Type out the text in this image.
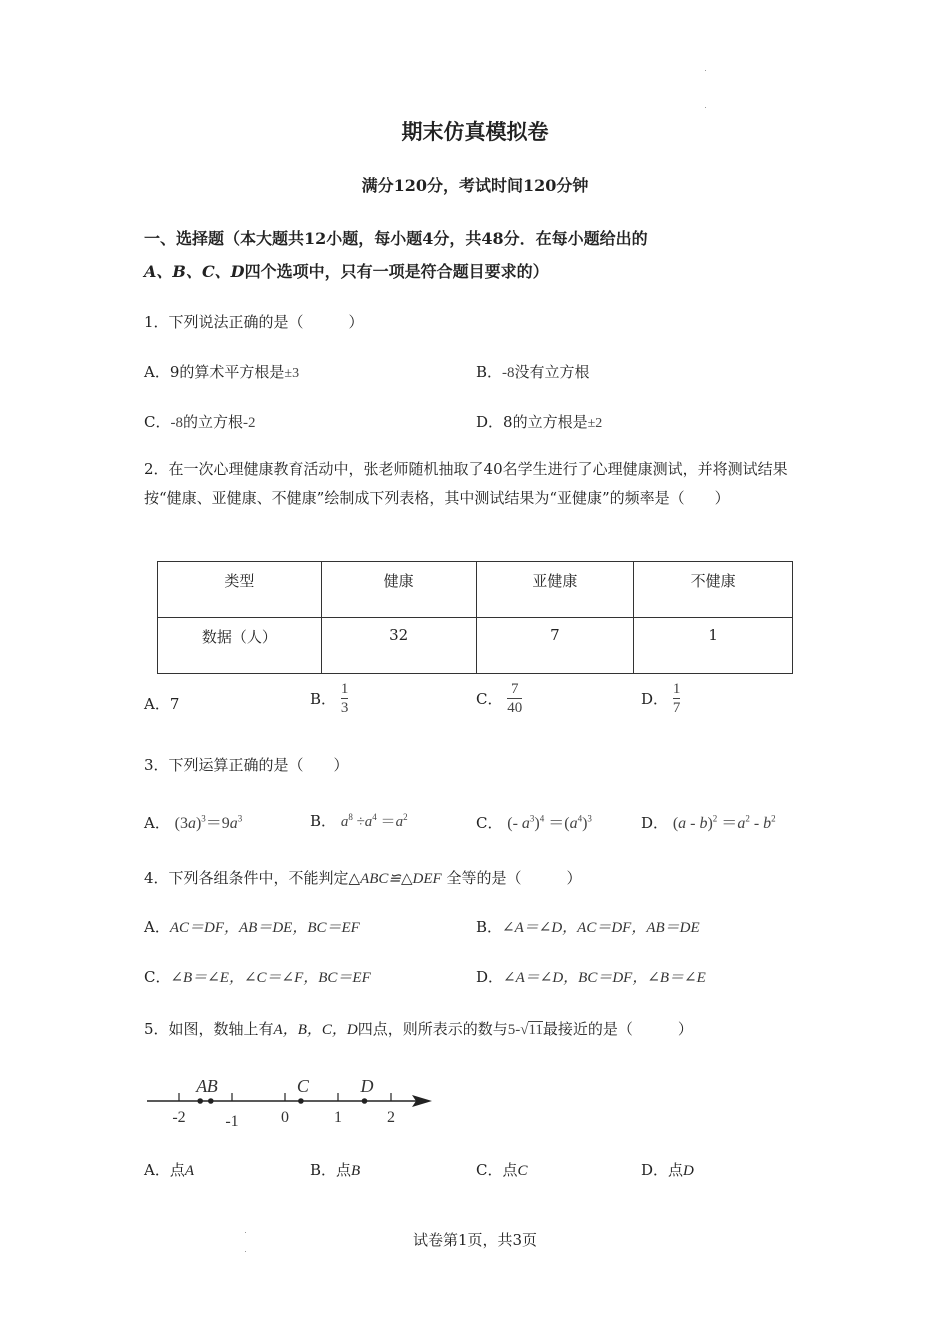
期末仿真模拟卷
满分120分，考试时间120分钟
一、选择题（本大题共12小题，每小题4分，共48分．在每小题给出的
A、B、C、D四个选项中，只有一项是符合题目要求的）
1．下列说法正确的是（　　　）
A．9的算术平方根是±3	B．-8没有立方根
C．-8的立方根-2	D．8的立方根是±2
2．在一次心理健康教育活动中，张老师随机抽取了40名学生进行了心理健康测试，并将测试结果按“健康、亚健康、不健康”绘制成下列表格，其中测试结果为“亚健康”的频率是（　　）
类型	健康	亚健康	不健康
数据（人）	32	7	1
A．7	B． $\frac{1}{3}$	C． $\frac{7}{40}$	D． $\frac{1}{7}$
3．下列运算正确的是（　　）
A． $(3a)^3=9a^3$	B． $a^8 \div a^4 =a^2$	C． (- $a^3)^4 =(a^4)^3$	D． $(a - b)^2 =a^2 - b^2$
4．下列各组条件中，不能判定△ABC≌△DEF 全等的是（　　　）
A．AC＝DF，AB＝DE，BC＝EF	B．∠A＝∠D，AC＝DF，AB＝DE
C．∠B＝∠E，∠C＝∠F，BC＝EF	D．∠A＝∠D，BC＝DF，∠B＝∠E
5．如图，数轴上有A，B，C，D四点，则所表示的数与5-√11最接近的是（　　　）
-2 -1	0	1	2
A B	C	D
A．点A	B．点B	C．点C	D．点D
试卷第1页，共3页
